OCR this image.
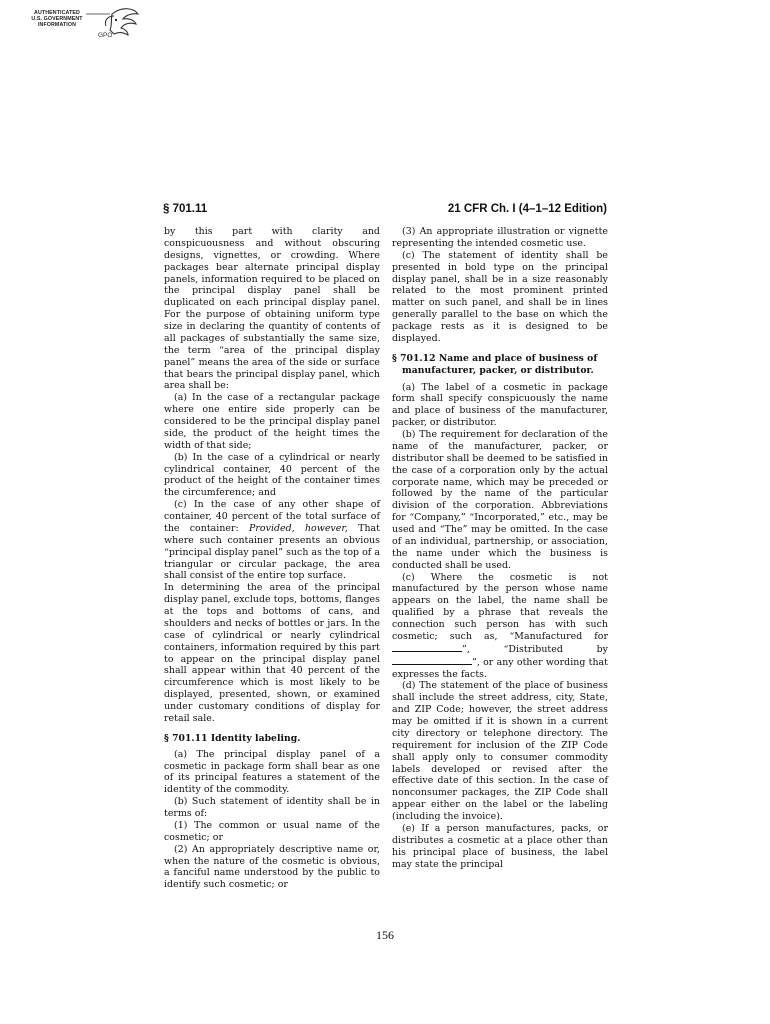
AUTHENTICATED
U.S. GOVERNMENT
INFORMATION
GPO
§ 701.11	21 CFR Ch. I (4–1–12 Edition)

by this part with clarity and conspicuousness and without obscuring designs, vignettes, or crowding. Where packages bear alternate principal display panels, information required to be placed on the principal display panel shall be duplicated on each principal display panel. For the purpose of obtaining uniform type size in declaring the quantity of contents of all packages of substantially the same size, the term “area of the principal display panel” means the area of the side or surface that bears the principal display panel, which area shall be:

(a) In the case of a rectangular package where one entire side properly can be considered to be the principal display panel side, the product of the height times the width of that side;

(b) In the case of a cylindrical or nearly cylindrical container, 40 percent of the product of the height of the container times the circumference; and

(c) In the case of any other shape of container, 40 percent of the total surface of the container: Provided, however, That where such container presents an obvious “principal display panel” such as the top of a triangular or circular package, the area shall consist of the entire top surface.

In determining the area of the principal display panel, exclude tops, bottoms, flanges at the tops and bottoms of cans, and shoulders and necks of bottles or jars. In the case of cylindrical or nearly cylindrical containers, information required by this part to appear on the principal display panel shall appear within that 40 percent of the circumference which is most likely to be displayed, presented, shown, or examined under customary conditions of display for retail sale.

§ 701.11 Identity labeling.

(a) The principal display panel of a cosmetic in package form shall bear as one of its principal features a statement of the identity of the commodity.

(b) Such statement of identity shall be in terms of:

(1) The common or usual name of the cosmetic; or

(2) An appropriately descriptive name or, when the nature of the cosmetic is obvious, a fanciful name understood by the public to identify such cosmetic; or

(3) An appropriate illustration or vignette representing the intended cosmetic use.

(c) The statement of identity shall be presented in bold type on the principal display panel, shall be in a size reasonably related to the most prominent printed matter on such panel, and shall be in lines generally parallel to the base on which the package rests as it is designed to be displayed.

§ 701.12 Name and place of business of
manufacturer, packer, or distributor.

(a) The label of a cosmetic in package form shall specify conspicuously the name and place of business of the manufacturer, packer, or distributor.

(b) The requirement for declaration of the name of the manufacturer, packer, or distributor shall be deemed to be satisfied in the case of a corporation only by the actual corporate name, which may be preceded or followed by the name of the particular division of the corporation. Abbreviations for “Company,” “Incorporated,” etc., may be used and “The” may be omitted. In the case of an individual, partnership, or association, the name under which the business is conducted shall be used.

(c) Where the cosmetic is not manufactured by the person whose name appears on the label, the name shall be qualified by a phrase that reveals the connection such person has with such cosmetic; such as, “Manufactured for ”, “Distributed by ”, or any other wording that expresses the facts.

(d) The statement of the place of business shall include the street address, city, State, and ZIP Code; however, the street address may be omitted if it is shown in a current city directory or telephone directory. The requirement for inclusion of the ZIP Code shall apply only to consumer commodity labels developed or revised after the effective date of this section. In the case of nonconsumer packages, the ZIP Code shall appear either on the label or the labeling (including the invoice).

(e) If a person manufactures, packs, or distributes a cosmetic at a place other than his principal place of business, the label may state the principal

156
